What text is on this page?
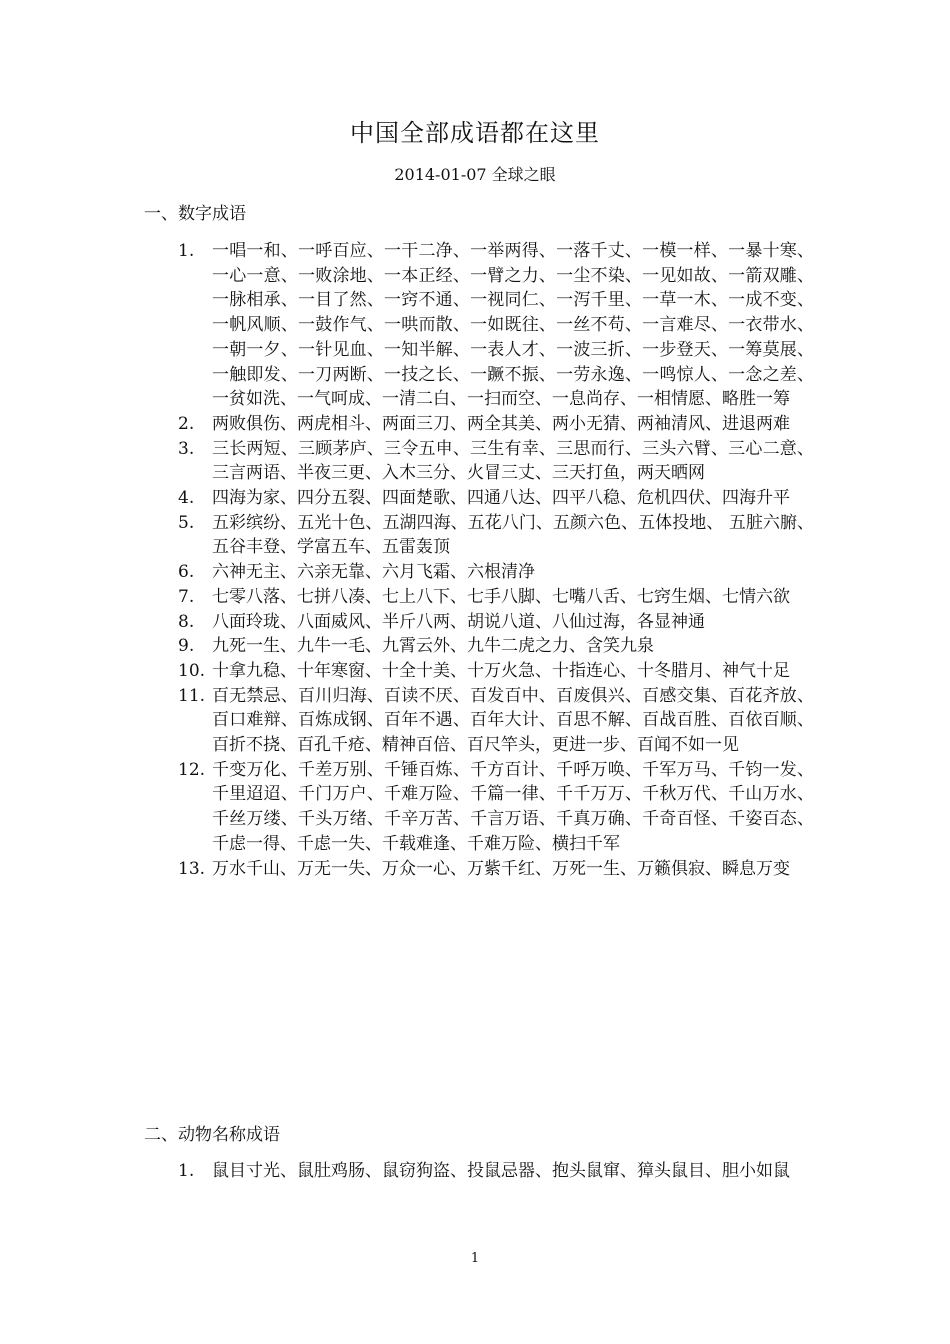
中国全部成语都在这里
2014-01-07 全球之眼
一、数字成语
1. 一唱一和、一呼百应、一干二净、一举两得、一落千丈、一模一样、一暴十寒、一心一意、一败涂地、一本正经、一臂之力、一尘不染、一见如故、一箭双雕、一脉相承、一目了然、一窍不通、一视同仁、一泻千里、一草一木、一成不变、一帆风顺、一鼓作气、一哄而散、一如既往、一丝不苟、一言难尽、一衣带水、一朝一夕、一针见血、一知半解、一表人才、一波三折、一步登天、一筹莫展、一触即发、一刀两断、一技之长、一蹶不振、一劳永逸、一鸣惊人、一念之差、一贫如洗、一气呵成、一清二白、一扫而空、一息尚存、一相情愿、略胜一筹
2. 两败俱伤、两虎相斗、两面三刀、两全其美、两小无猜、两袖清风、进退两难
3. 三长两短、三顾茅庐、三令五申、三生有幸、三思而行、三头六臂、三心二意、三言两语、半夜三更、入木三分、火冒三丈、三天打鱼，两天晒网
4. 四海为家、四分五裂、四面楚歌、四通八达、四平八稳、危机四伏、四海升平
5. 五彩缤纷、五光十色、五湖四海、五花八门、五颜六色、五体投地、 五脏六腑、五谷丰登、学富五车、五雷轰顶
6. 六神无主、六亲无靠、六月飞霜、六根清净
7. 七零八落、七拼八凑、七上八下、七手八脚、七嘴八舌、七窍生烟、七情六欲
8. 八面玲珑、八面威风、半斤八两、胡说八道、八仙过海，各显神通
9. 九死一生、九牛一毛、九霄云外、九牛二虎之力、含笑九泉
10. 十拿九稳、十年寒窗、十全十美、十万火急、十指连心、十冬腊月、神气十足
11. 百无禁忌、百川归海、百读不厌、百发百中、百废俱兴、百感交集、百花齐放、百口难辩、百炼成钢、百年不遇、百年大计、百思不解、百战百胜、百依百顺、百折不挠、百孔千疮、精神百倍、百尺竿头，更进一步、百闻不如一见
12. 千变万化、千差万别、千锤百炼、千方百计、千呼万唤、千军万马、千钧一发、千里迢迢、千门万户、千难万险、千篇一律、千千万万、千秋万代、千山万水、千丝万缕、千头万绪、千辛万苦、千言万语、千真万确、千奇百怪、千姿百态、千虑一得、千虑一失、千载难逢、千难万险、横扫千军
13. 万水千山、万无一失、万众一心、万紫千红、万死一生、万籁俱寂、瞬息万变
二、动物名称成语
1. 鼠目寸光、鼠肚鸡肠、鼠窃狗盗、投鼠忌器、抱头鼠窜、獐头鼠目、胆小如鼠
1
